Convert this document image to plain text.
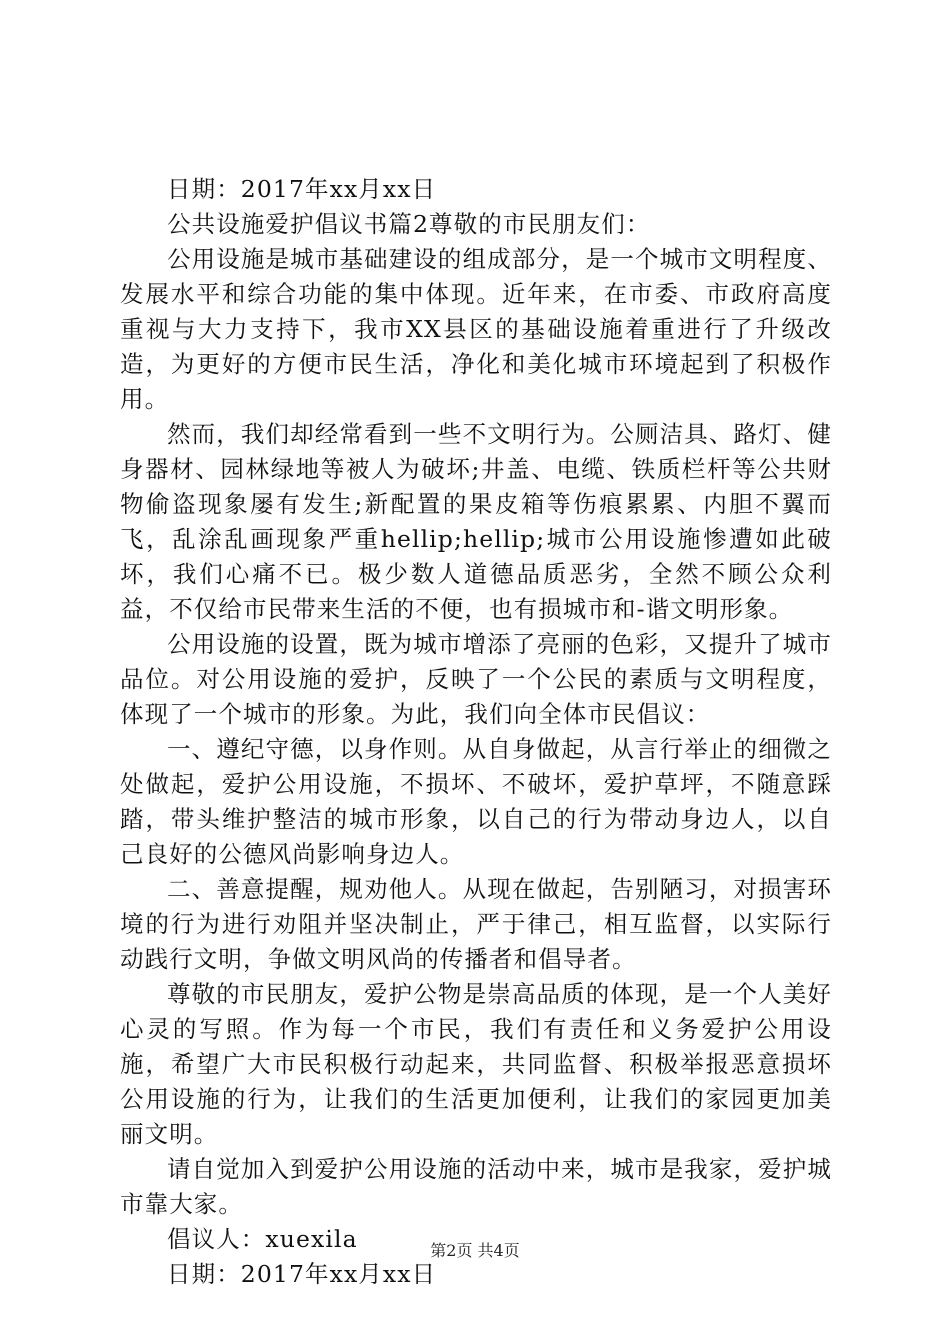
日期：2017年xx月xx日

公共设施爱护倡议书篇2尊敬的市民朋友们：

公用设施是城市基础建设的组成部分，是一个城市文明程度、发展水平和综合功能的集中体现。近年来，在市委、市政府高度重视与大力支持下，我市XX县区的基础设施着重进行了升级改造，为更好的方便市民生活，净化和美化城市环境起到了积极作用。

然而，我们却经常看到一些不文明行为。公厕洁具、路灯、健身器材、园林绿地等被人为破坏;井盖、电缆、铁质栏杆等公共财物偷盗现象屡有发生;新配置的果皮箱等伤痕累累、内胆不翼而飞，乱涂乱画现象严重hellip;hellip;城市公用设施惨遭如此破坏，我们心痛不已。极少数人道德品质恶劣，全然不顾公众利益，不仅给市民带来生活的不便，也有损城市和-谐文明形象。

公用设施的设置，既为城市增添了亮丽的色彩，又提升了城市品位。对公用设施的爱护，反映了一个公民的素质与文明程度，体现了一个城市的形象。为此，我们向全体市民倡议：

一、遵纪守德，以身作则。从自身做起，从言行举止的细微之处做起，爱护公用设施，不损坏、不破坏，爱护草坪，不随意踩踏，带头维护整洁的城市形象，以自己的行为带动身边人，以自己良好的公德风尚影响身边人。

二、善意提醒，规劝他人。从现在做起，告别陋习，对损害环境的行为进行劝阻并坚决制止，严于律己，相互监督，以实际行动践行文明，争做文明风尚的传播者和倡导者。

尊敬的市民朋友，爱护公物是崇高品质的体现，是一个人美好心灵的写照。作为每一个市民，我们有责任和义务爱护公用设施，希望广大市民积极行动起来，共同监督、积极举报恶意损坏公用设施的行为，让我们的生活更加便利，让我们的家园更加美丽文明。

请自觉加入到爱护公用设施的活动中来，城市是我家，爱护城市靠大家。

倡议人：xuexila

日期：2017年xx月xx日

第2页 共4页
